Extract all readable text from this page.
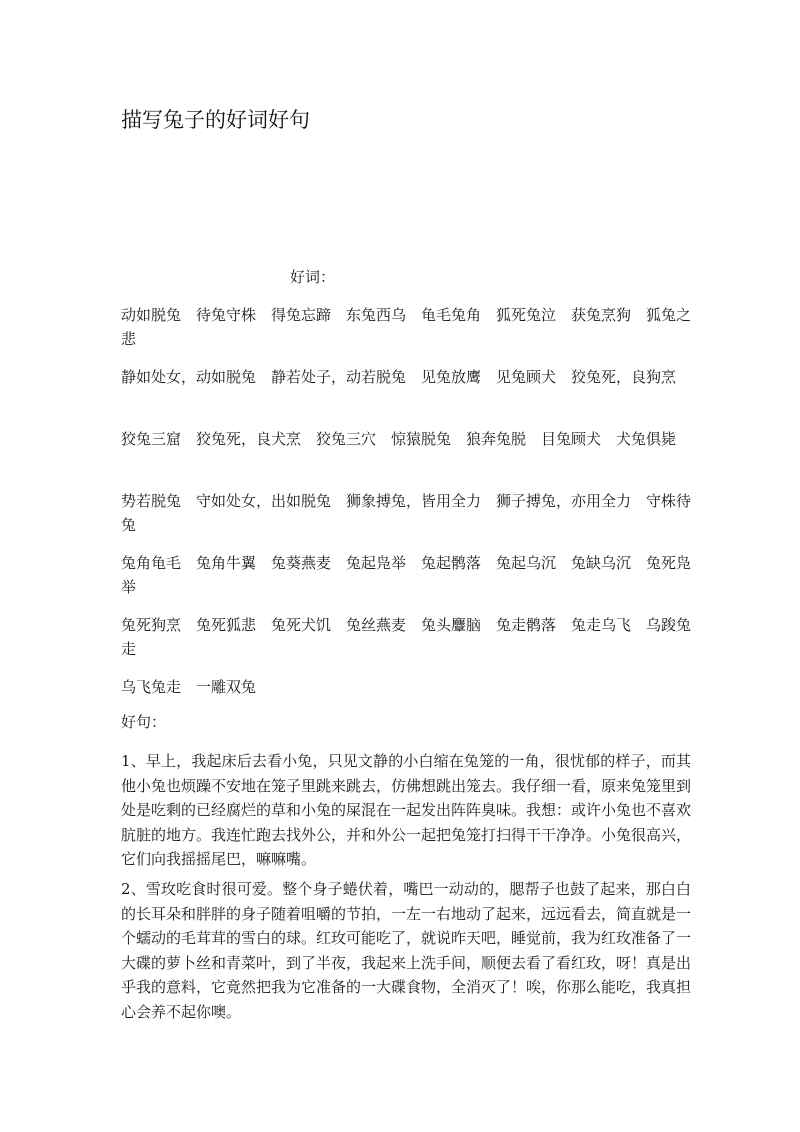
描写兔子的好词好句
好词：

动如脱兔　待兔守株　得兔忘蹄　东兔西乌　龟毛兔角　狐死兔泣　获兔烹狗　狐兔之悲

静如处女，动如脱兔　静若处子，动若脱兔　见兔放鹰　见兔顾犬　狡兔死，良狗烹

狡兔三窟　狡兔死，良犬烹　狡兔三穴　惊猿脱兔　狼奔兔脱　目兔顾犬　犬兔俱毙

势若脱兔　守如处女，出如脱兔　狮象搏兔，皆用全力　狮子搏兔，亦用全力　守株待兔

兔角龟毛　兔角牛翼　兔葵燕麦　兔起凫举　兔起鹘落　兔起乌沉　兔缺乌沉　兔死凫举

兔死狗烹　兔死狐悲　兔死犬饥　兔丝燕麦　兔头麞脑　兔走鹘落　兔走乌飞　乌踆兔走

乌飞兔走　一雕双兔

好句：

1、早上，我起床后去看小兔，只见文静的小白缩在兔笼的一角，很忧郁的样子，而其他小兔也烦躁不安地在笼子里跳来跳去，仿佛想跳出笼去。我仔细一看，原来兔笼里到处是吃剩的已经腐烂的草和小兔的屎混在一起发出阵阵臭味。我想：或许小兔也不喜欢肮脏的地方。我连忙跑去找外公，并和外公一起把兔笼打扫得干干净净。小兔很高兴，它们向我摇摇尾巴，嘛嘛嘴。

2、雪玫吃食时很可爱。整个身子蜷伏着，嘴巴一动动的，腮帮子也鼓了起来，那白白的长耳朵和胖胖的身子随着咀嚼的节拍，一左一右地动了起来，远远看去，简直就是一个蠕动的毛茸茸的雪白的球。红玫可能吃了，就说昨天吧，睡觉前，我为红玫准备了一大碟的萝卜丝和青菜叶，到了半夜，我起来上洗手间，顺便去看了看红玫，呀！真是出乎我的意料，它竟然把我为它准备的一大碟食物，全消灭了！唉，你那么能吃，我真担心会养不起你噢。
